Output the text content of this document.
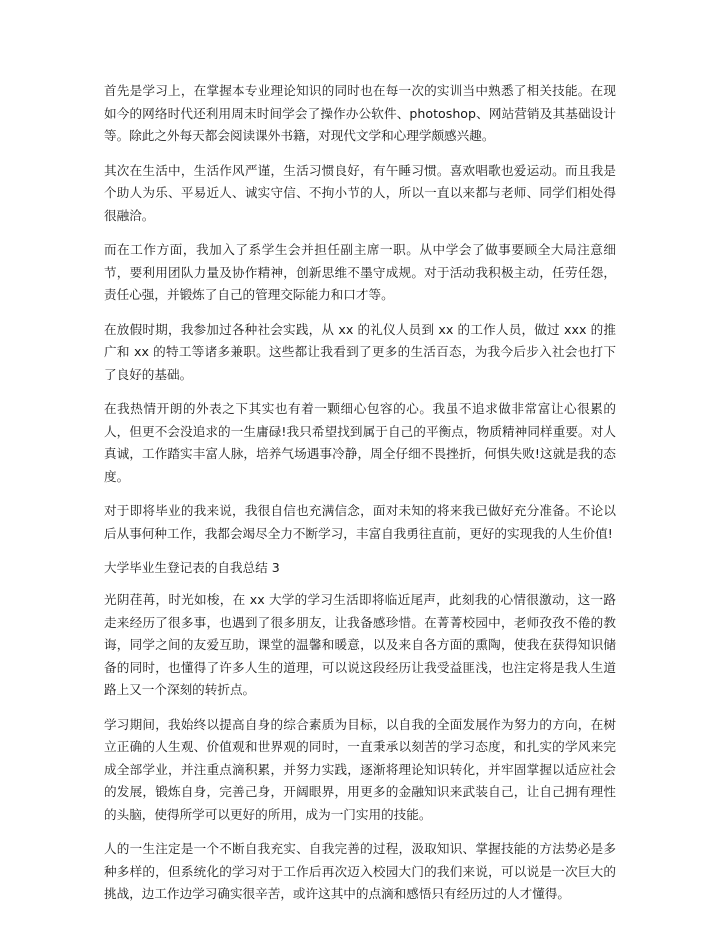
首先是学习上，在掌握本专业理论知识的同时也在每一次的实训当中熟悉了相关技能。在现如今的网络时代还利用周末时间学会了操作办公软件、photoshop、网站营销及其基础设计等。除此之外每天都会阅读课外书籍，对现代文学和心理学颇感兴趣。

其次在生活中，生活作风严谨，生活习惯良好，有午睡习惯。喜欢唱歌也爱运动。而且我是个助人为乐、平易近人、诚实守信、不拘小节的人，所以一直以来都与老师、同学们相处得很融洽。

而在工作方面，我加入了系学生会并担任副主席一职。从中学会了做事要顾全大局注意细节，要利用团队力量及协作精神，创新思维不墨守成规。对于活动我积极主动，任劳任怨，责任心强，并锻炼了自己的管理交际能力和口才等。

在放假时期，我参加过各种社会实践，从 xx 的礼仪人员到 xx 的工作人员，做过 xxx 的推广和 xx 的特工等诸多兼职。这些都让我看到了更多的生活百态，为我今后步入社会也打下了良好的基础。

在我热情开朗的外表之下其实也有着一颗细心包容的心。我虽不追求做非常富让心很累的人，但更不会没追求的一生庸碌!我只希望找到属于自己的平衡点，物质精神同样重要。对人真诚，工作踏实丰富人脉，培养气场遇事冷静，周全仔细不畏挫折，何惧失败!这就是我的态度。

对于即将毕业的我来说，我很自信也充满信念，面对未知的将来我已做好充分准备。不论以后从事何种工作，我都会竭尽全力不断学习，丰富自我勇往直前，更好的实现我的人生价值!

大学毕业生登记表的自我总结 3

光阴荏苒，时光如梭，在 xx 大学的学习生活即将临近尾声，此刻我的心情很激动，这一路走来经历了很多事，也遇到了很多朋友，让我备感珍惜。在菁菁校园中，老师孜孜不倦的教诲，同学之间的友爱互助，课堂的温馨和暖意，以及来自各方面的熏陶，使我在获得知识储备的同时，也懂得了许多人生的道理，可以说这段经历让我受益匪浅，也注定将是我人生道路上又一个深刻的转折点。

学习期间，我始终以提高自身的综合素质为目标，以自我的全面发展作为努力的方向，在树立正确的人生观、价值观和世界观的同时，一直秉承以刻苦的学习态度，和扎实的学风来完成全部学业，并注重点滴积累，并努力实践，逐渐将理论知识转化，并牢固掌握以适应社会的发展，锻炼自身，完善己身，开阔眼界，用更多的金融知识来武装自己，让自己拥有理性的头脑，使得所学可以更好的所用，成为一门实用的技能。

人的一生注定是一个不断自我充实、自我完善的过程，汲取知识、掌握技能的方法势必是多种多样的，但系统化的学习对于工作后再次迈入校园大门的我们来说，可以说是一次巨大的挑战，边工作边学习确实很辛苦，或许这其中的点滴和感悟只有经历过的人才懂得。
